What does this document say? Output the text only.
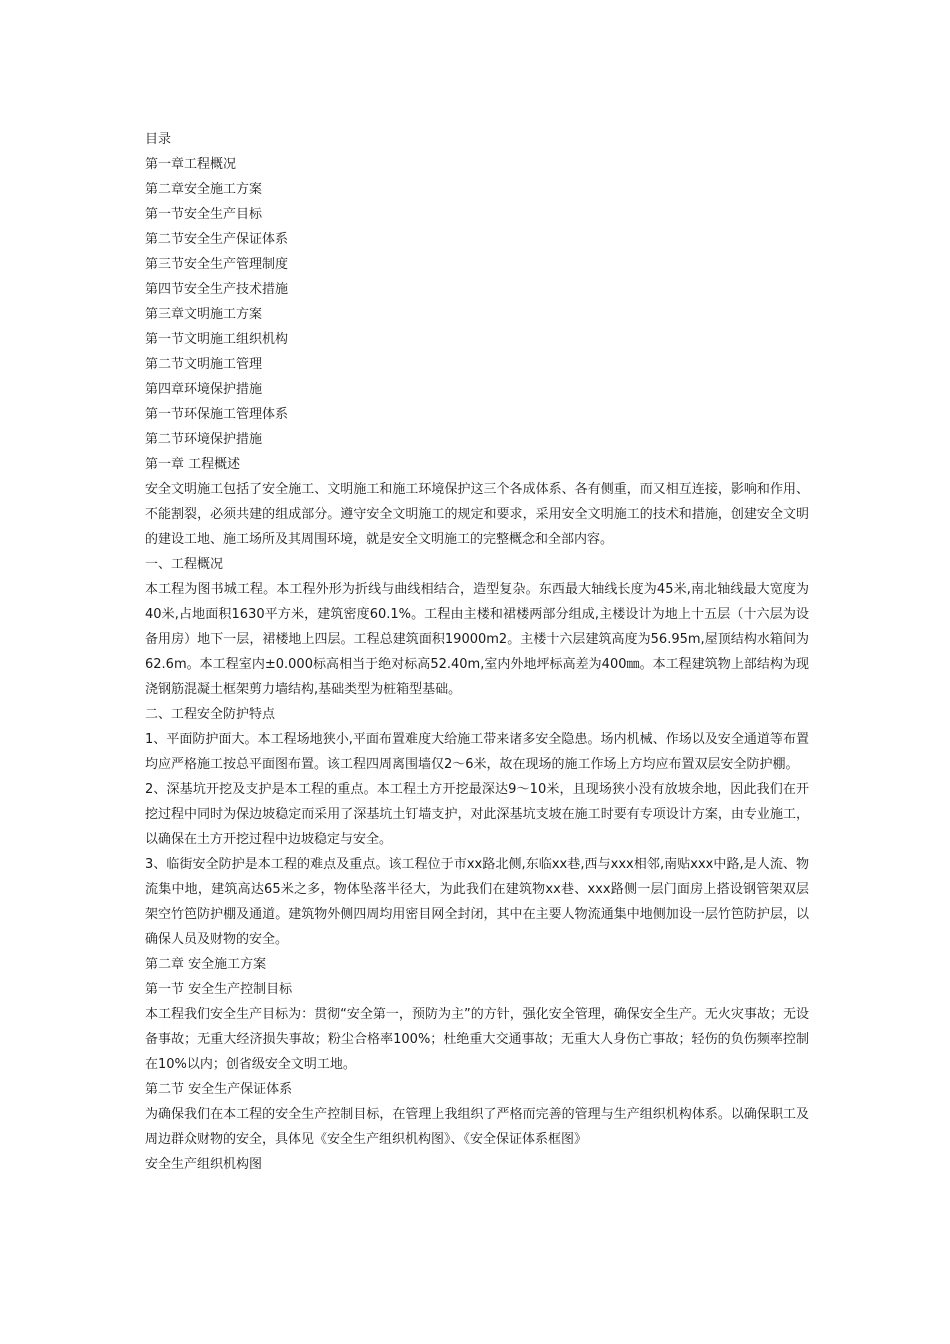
目录

第一章工程概况

第二章安全施工方案

第一节安全生产目标

第二节安全生产保证体系

第三节安全生产管理制度

第四节安全生产技术措施

第三章文明施工方案

第一节文明施工组织机构

第二节文明施工管理

第四章环境保护措施

第一节环保施工管理体系

第二节环境保护措施

第一章 工程概述

安全文明施工包括了安全施工、文明施工和施工环境保护这三个各成体系、各有侧重，而又相互连接，影响和作用、不能割裂，必须共建的组成部分。遵守安全文明施工的规定和要求，采用安全文明施工的技术和措施，创建安全文明的建设工地、施工场所及其周围环境，就是安全文明施工的完整概念和全部内容。

一、工程概况

本工程为图书城工程。本工程外形为折线与曲线相结合，造型复杂。东西最大轴线长度为45米,南北轴线最大宽度为40米,占地面积1630平方米，建筑密度60.1%。工程由主楼和裙楼两部分组成,主楼设计为地上十五层（十六层为设备用房）地下一层，裙楼地上四层。工程总建筑面积19000m2。主楼十六层建筑高度为56.95m,屋顶结构水箱间为62.6m。本工程室内±0.000标高相当于绝对标高52.40m,室内外地坪标高差为400㎜。本工程建筑物上部结构为现浇钢筋混凝土框架剪力墙结构,基础类型为桩箱型基础。

二、工程安全防护特点

1、平面防护面大。本工程场地狭小,平面布置难度大给施工带来诸多安全隐患。场内机械、作场以及安全通道等布置均应严格施工按总平面图布置。该工程四周离围墙仅2～6米，故在现场的施工作场上方均应布置双层安全防护棚。

2、深基坑开挖及支护是本工程的重点。本工程土方开挖最深达9～10米，且现场狭小没有放坡余地，因此我们在开挖过程中同时为保边坡稳定而采用了深基坑土钉墙支护，对此深基坑支坡在施工时要有专项设计方案，由专业施工，以确保在土方开挖过程中边坡稳定与安全。

3、临街安全防护是本工程的难点及重点。该工程位于市xx路北侧,东临xx巷,西与xxx相邻,南贴xxx中路,是人流、物流集中地，建筑高达65米之多，物体坠落半径大，为此我们在建筑物xx巷、xxx路侧一层门面房上搭设钢管架双层架空竹笆防护棚及通道。建筑物外侧四周均用密目网全封闭，其中在主要人物流通集中地侧加设一层竹笆防护层，以确保人员及财物的安全。

第二章 安全施工方案

第一节 安全生产控制目标

本工程我们安全生产目标为：贯彻“安全第一，预防为主”的方针，强化安全管理，确保安全生产。无火灾事故；无设备事故；无重大经济损失事故；粉尘合格率100%；杜绝重大交通事故；无重大人身伤亡事故；轻伤的负伤频率控制在10%以内；创省级安全文明工地。

第二节 安全生产保证体系

为确保我们在本工程的安全生产控制目标，在管理上我组织了严格而完善的管理与生产组织机构体系。以确保职工及周边群众财物的安全，具体见《安全生产组织机构图》、《安全保证体系框图》

安全生产组织机构图
